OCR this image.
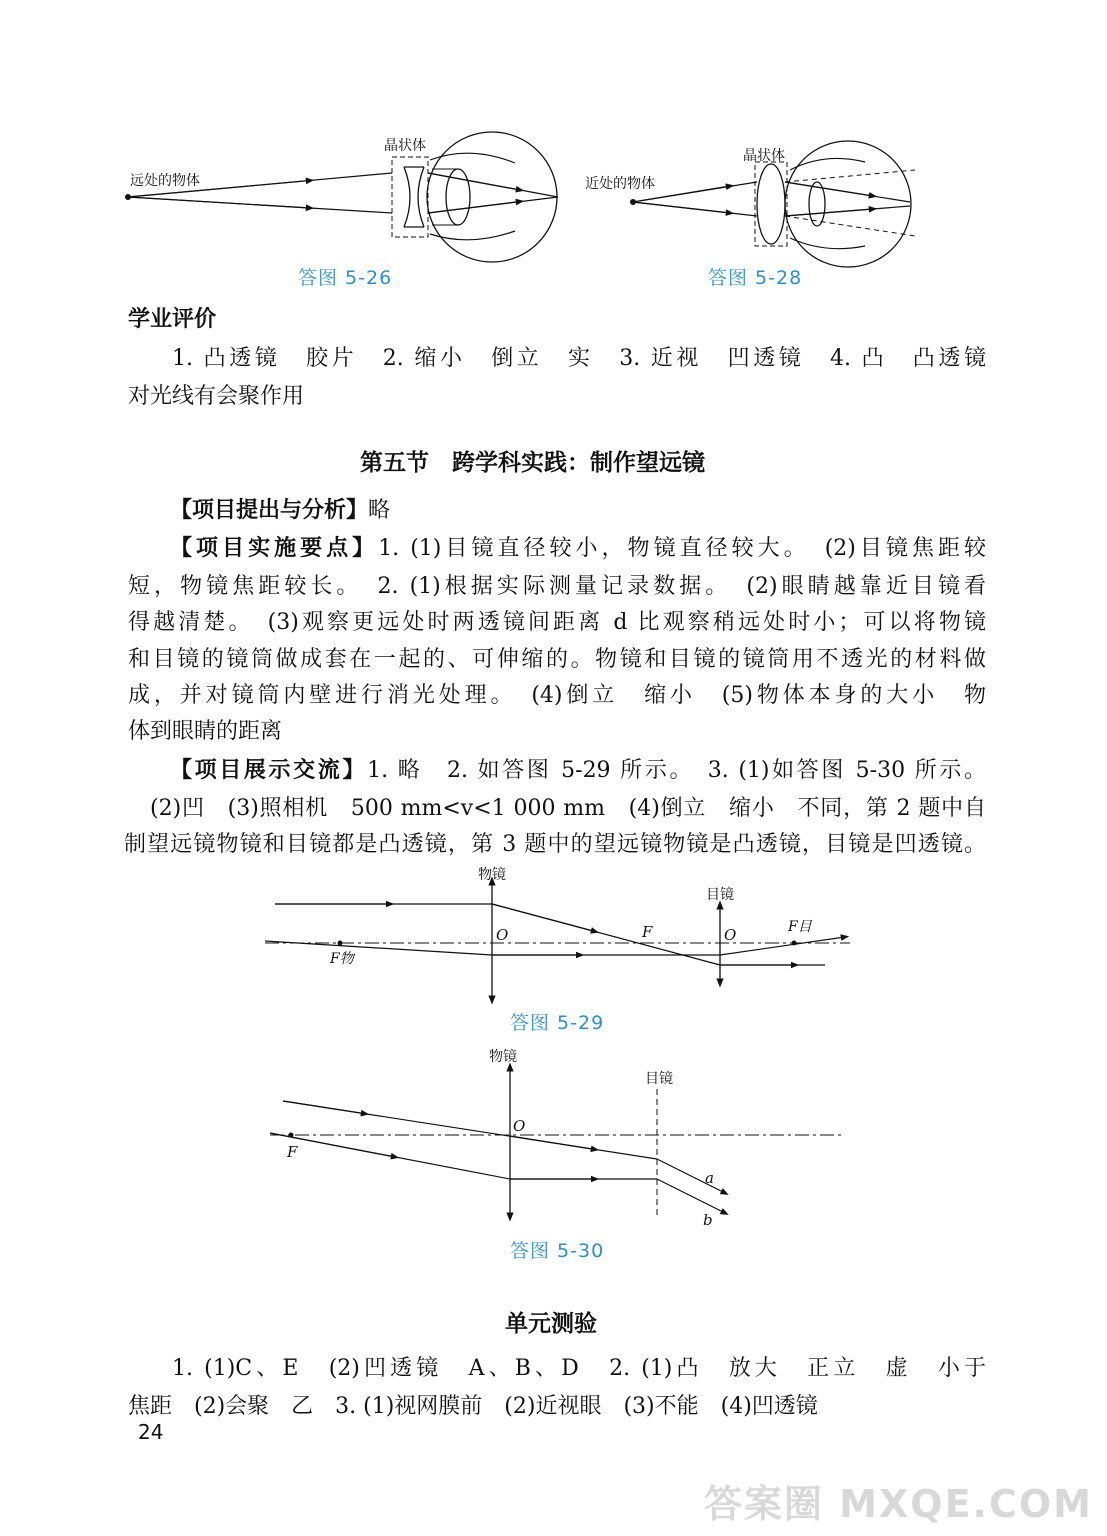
晶状体
远处的物体
答图 5-26
晶状体
近处的物体
答图 5-28
学业评价
1. 凸透镜　胶片　2. 缩小　倒立　实　3. 近视　凹透镜　4. 凸　凸透镜
对光线有会聚作用
第五节　跨学科实践：制作望远镜
【项目提出与分析】略
【项目实施要点】1. (1)目镜直径较小，物镜直径较大。　(2)目镜焦距较
短，物镜焦距较长。　2. (1)根据实际测量记录数据。　(2)眼睛越靠近目镜看
得越清楚。　(3)观察更远处时两透镜间距离 d 比观察稍远处时小；可以将物镜
和目镜的镜筒做成套在一起的、可伸缩的。物镜和目镜的镜筒用不透光的材料做
成，并对镜筒内壁进行消光处理。　(4)倒立　缩小　(5)物体本身的大小　物
体到眼睛的距离
【项目展示交流】1. 略　2. 如答图 5-29 所示。　3. (1)如答图 5-30 所示。
(2)凹　(3)照相机　500 mm<v<1 000 mm　(4)倒立　缩小　不同，第 2 题中自
制望远镜物镜和目镜都是凸透镜，第 3 题中的望远镜物镜是凸透镜，目镜是凹透镜。
物镜
目镜
O	O
F
F物
F目
答图 5-29
物镜
目镜
O
F
a
b
答图 5-30
单元测验
1. (1)C、E　(2)凹透镜　A、B、D　2. (1)凸　放大　正立　虚　小于
焦距　(2)会聚　乙　3. (1)视网膜前　(2)近视眼　(3)不能　(4)凹透镜
24
答案圈 MXQE.COM
